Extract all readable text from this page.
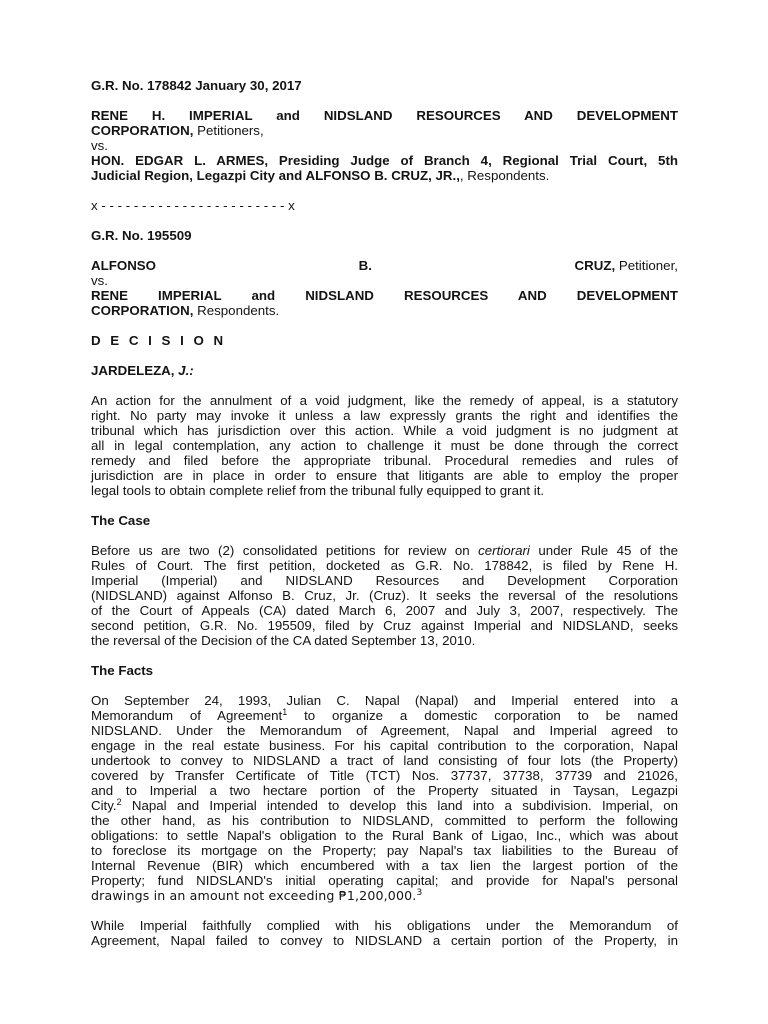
G.R. No. 178842 January 30, 2017
RENE H. IMPERIAL and NIDSLAND RESOURCES AND DEVELOPMENT
CORPORATION, Petitioners,
vs.
HON. EDGAR L. ARMES, Presiding Judge of Branch 4, Regional Trial Court, 5th
Judicial Region, Legazpi City and ALFONSO B. CRUZ, JR.,, Respondents.
x - - - - - - - - - - - - - - - - - - - - - - - x
G.R. No. 195509
ALFONSO	B.	CRUZ, Petitioner,
vs.
RENE IMPERIAL and NIDSLAND RESOURCES AND DEVELOPMENT
CORPORATION, Respondents.
D E C I S I O N
JARDELEZA, J.:
An action for the annulment of a void judgment, like the remedy of appeal, is a statutory
right. No party may invoke it unless a law expressly grants the right and identifies the
tribunal which has jurisdiction over this action. While a void judgment is no judgment at
all in legal contemplation, any action to challenge it must be done through the correct
remedy and filed before the appropriate tribunal. Procedural remedies and rules of
jurisdiction are in place in order to ensure that litigants are able to employ the proper
legal tools to obtain complete relief from the tribunal fully equipped to grant it.
The Case
Before us are two (2) consolidated petitions for review on certiorari under Rule 45 of the
Rules of Court. The first petition, docketed as G.R. No. 178842, is filed by Rene H.
Imperial (Imperial) and NIDSLAND Resources and Development Corporation
(NIDSLAND) against Alfonso B. Cruz, Jr. (Cruz). It seeks the reversal of the resolutions
of the Court of Appeals (CA) dated March 6, 2007 and July 3, 2007, respectively. The
second petition, G.R. No. 195509, filed by Cruz against Imperial and NIDSLAND, seeks
the reversal of the Decision of the CA dated September 13, 2010.
The Facts
On September 24, 1993, Julian C. Napal (Napal) and Imperial entered into a
Memorandum of Agreement$^1$ to organize a domestic corporation to be named
NIDSLAND. Under the Memorandum of Agreement, Napal and Imperial agreed to
engage in the real estate business. For his capital contribution to the corporation, Napal
undertook to convey to NIDSLAND a tract of land consisting of four lots (the Property)
covered by Transfer Certificate of Title (TCT) Nos. 37737, 37738, 37739 and 21026,
and to Imperial a two hectare portion of the Property situated in Taysan, Legazpi
City.$^2$ Napal and Imperial intended to develop this land into a subdivision. Imperial, on
the other hand, as his contribution to NIDSLAND, committed to perform the following
obligations: to settle Napal's obligation to the Rural Bank of Ligao, Inc., which was about
to foreclose its mortgage on the Property; pay Napal's tax liabilities to the Bureau of
Internal Revenue (BIR) which encumbered with a tax lien the largest portion of the
Property; fund NIDSLAND's initial operating capital; and provide for Napal's personal
drawings in an amount not exceeding ₱1,200,000.$^3$
While Imperial faithfully complied with his obligations under the Memorandum of
Agreement, Napal failed to convey to NIDSLAND a certain portion of the Property, in
